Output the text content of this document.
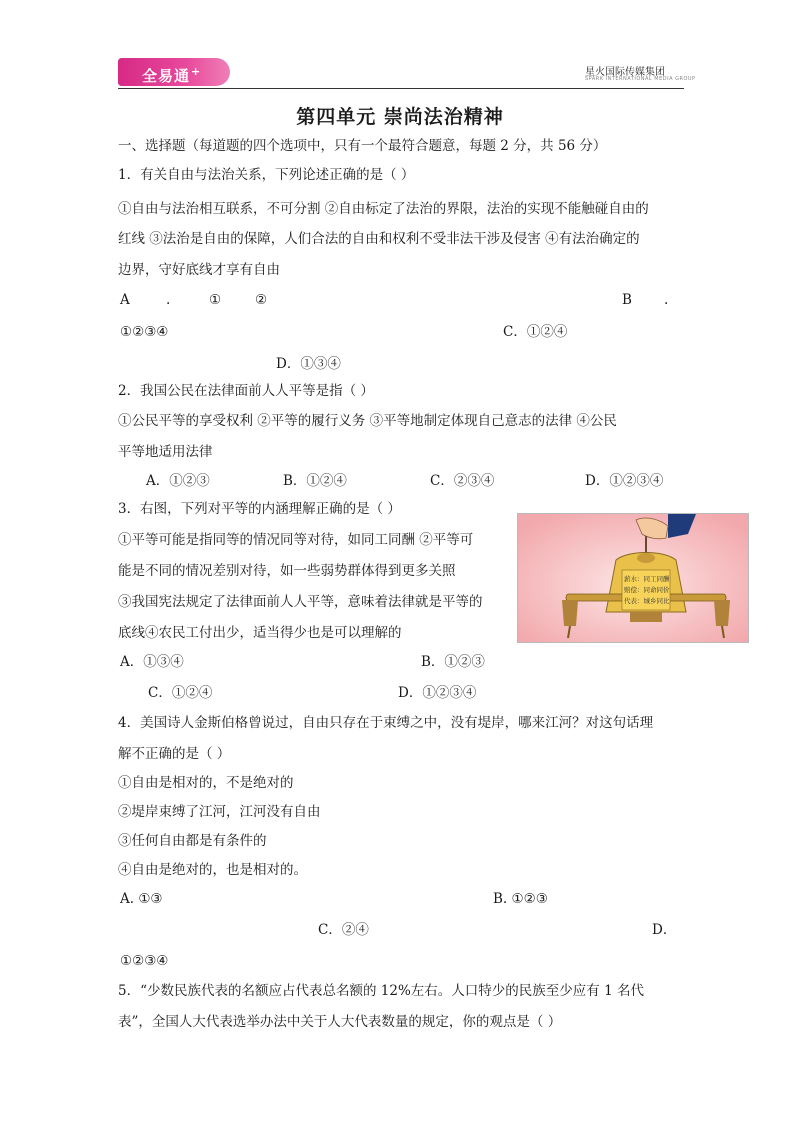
全易通+	星火国际传媒集团
SPARK INTERNATIONAL MEDIA GROUP
第四单元 崇尚法治精神
一、选择题（每道题的四个选项中，只有一个最符合题意，每题 2 分，共 56 分）
1．有关自由与法治关系，下列论述正确的是（ ）
①自由与法治相互联系，不可分割 ②自由标定了法治的界限，法治的实现不能触碰自由的
红线 ③法治是自由的保障，人们合法的自由和权利不受非法干涉及侵害 ④有法治确定的
边界，守好底线才享有自由
A	.	①	②	B .
①②③④	C．①②④
D．①③④
2．我国公民在法律面前人人平等是指（ ）
①公民平等的享受权利 ②平等的履行义务 ③平等地制定体现自己意志的法律 ④公民
平等地适用法律
A．①②③	B．①②④	C．②③④	D．①②③④
3．右图，下列对平等的内涵理解正确的是（ ）
①平等可能是指同等的情况同等对待，如同工同酬 ②平等可
能是不同的情况差别对待，如一些弱势群体得到更多关照
③我国宪法规定了法律面前人人平等，意味着法律就是平等的
底线④农民工付出少，适当得少也是可以理解的
A．①③④	B．①②③
C．①②④	D．①②③④
薪水：同工同酬
赔偿：同命同价
代表：城乡同比
4．美国诗人金斯伯格曾说过，自由只存在于束缚之中，没有堤岸，哪来江河？对这句话理
解不正确的是（ ）
①自由是相对的，不是绝对的
②堤岸束缚了江河，江河没有自由
③任何自由都是有条件的
④自由是绝对的，也是相对的。
A. ①③	B. ①②③
C．②④	D．
①②③④
5．“少数民族代表的名额应占代表总名额的 12%左右。人口特少的民族至少应有 1 名代
表”，全国人大代表选举办法中关于人大代表数量的规定，你的观点是（ ）
